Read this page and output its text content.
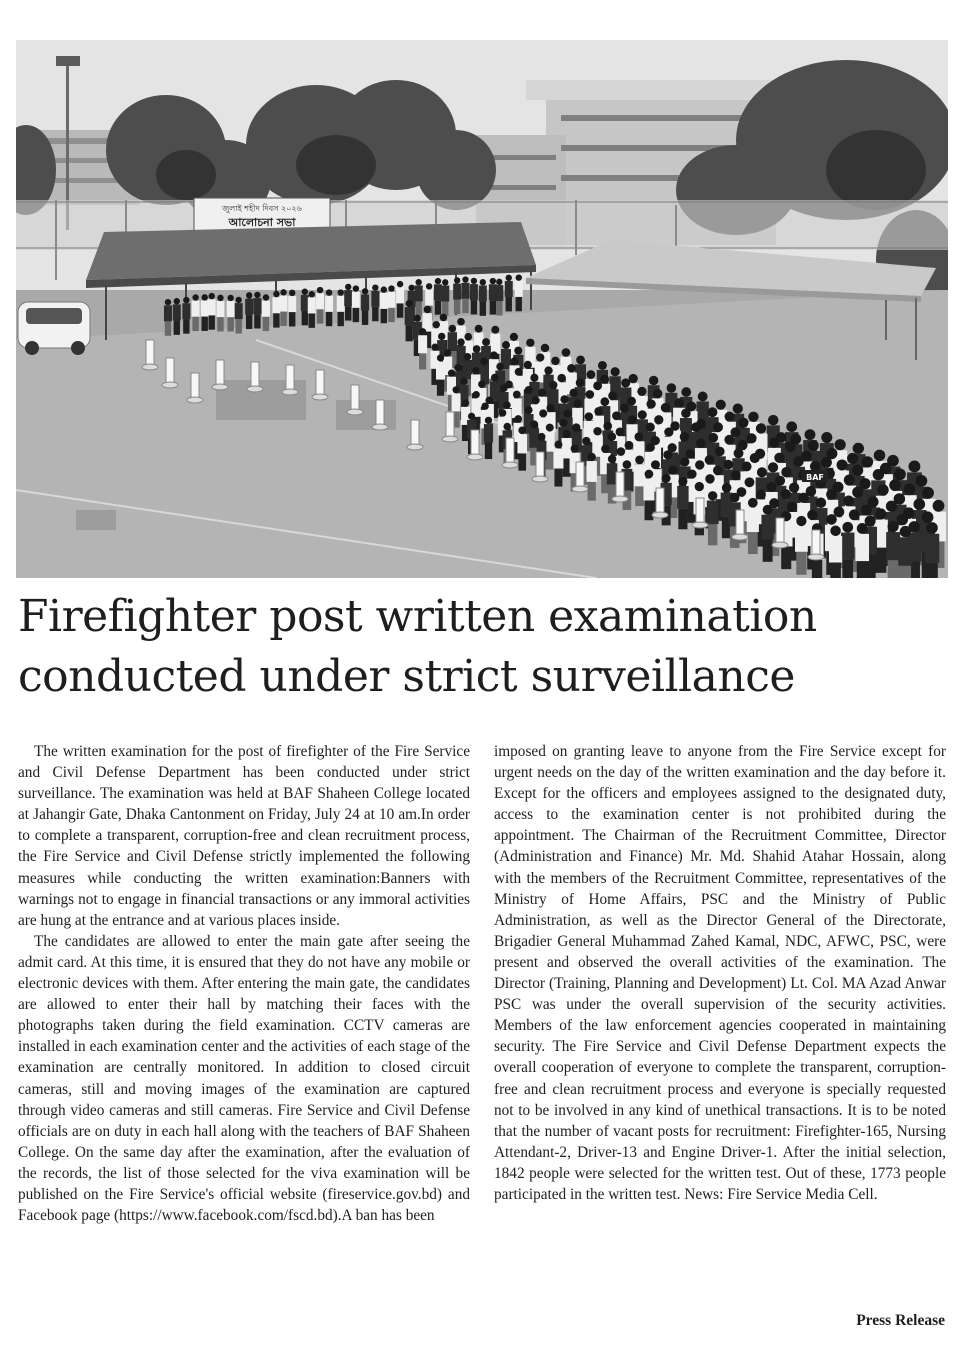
জুলাই শহীদ দিবস ২০২৬
আলোচনা সভা
BAF
Firefighter post written examination
conducted under strict surveillance

The written examination for the post of firefighter of the Fire Service and Civil Defense Department has been conducted under strict surveillance. The examination was held at BAF Shaheen College located at Jahangir Gate, Dhaka Cantonment on Friday, July 24 at 10 am.In order to complete a transparent, corruption-free and clean recruitment process, the Fire Service and Civil Defense strictly implemented the following measures while conducting the written examination:Banners with warnings not to engage in financial transactions or any immoral activities are hung at the entrance and at various places inside.

The candidates are allowed to enter the main gate after seeing the admit card. At this time, it is ensured that they do not have any mobile or electronic devices with them. After entering the main gate, the candidates are allowed to enter their hall by matching their faces with the photographs taken during the field examination. CCTV cameras are installed in each examination center and the activities of each stage of the examination are centrally monitored. In addition to closed circuit cameras, still and moving images of the examination are captured through video cameras and still cameras. Fire Service and Civil Defense officials are on duty in each hall along with the teachers of BAF Shaheen College. On the same day after the examination, after the evaluation of the records, the list of those selected for the viva examination will be published on the Fire Service's official website (fireservice.gov.bd) and Facebook page (https://www.facebook.com/fscd.bd).A ban has been

imposed on granting leave to anyone from the Fire Service except for urgent needs on the day of the written examination and the day before it. Except for the officers and employees assigned to the designated duty, access to the examination center is not prohibited during the appointment. The Chairman of the Recruitment Committee, Director (Administration and Finance) Mr. Md. Shahid Atahar Hossain, along with the members of the Recruitment Committee, representatives of the Ministry of Home Affairs, PSC and the Ministry of Public Administration, as well as the Director General of the Directorate, Brigadier General Muhammad Zahed Kamal, NDC, AFWC, PSC, were present and observed the overall activities of the examination. The Director (Training, Planning and Development) Lt. Col. MA Azad Anwar PSC was under the overall supervision of the security activities. Members of the law enforcement agencies cooperated in maintaining security. The Fire Service and Civil Defense Department expects the overall cooperation of everyone to complete the transparent, corruption-free and clean recruitment process and everyone is specially requested not to be involved in any kind of unethical transactions. It is to be noted that the number of vacant posts for recruitment: Firefighter-165, Nursing Attendant-2, Driver-13 and Engine Driver-1. After the initial selection, 1842 people were selected for the written test. Out of these, 1773 people participated in the written test. News: Fire Service Media Cell.

Press Release
